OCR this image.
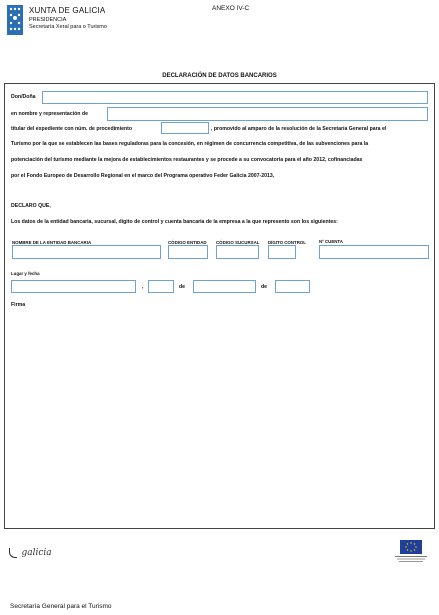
XUNTA DE GALICIA
PRESIDENCIA
Secretaría Xeral para o Turismo
ANEXO IV-C
DECLARACIÓN DE DATOS BANCARIOS
Don/Doña
en nombre y representación de
titular del expediente con núm. de procedimiento	, promovido al amparo de la resolución de la Secretaría General para el
Turismo por la que se establecen las bases reguladoras para la concesión, en régimen de concurrencia competitiva, de las subvenciones para la
potenciación del turismo mediante la mejora de establecimientos restaurantes y se procede a su convocatoria para el año 2012, cofinanciadas
por el Fondo Europeo de Desarrollo Regional en el marco del Programa operativo Feder Galicia 2007-2013,
DECLARO QUE,
Los datos de la entidad bancaria, sucursal, dígito de control y cuenta bancaria de la empresa a la que represento son los siguientes:
NOMBRE DE LA ENTIDAD BANCARIA	CÓDIGO ENTIDAD CÓDIGO SUCURSAL DÍGITO CONTROL	Nº CUENTA
Lugar y fecha
,	de	de
Firma
galicia
Secretaría General para el Turismo
